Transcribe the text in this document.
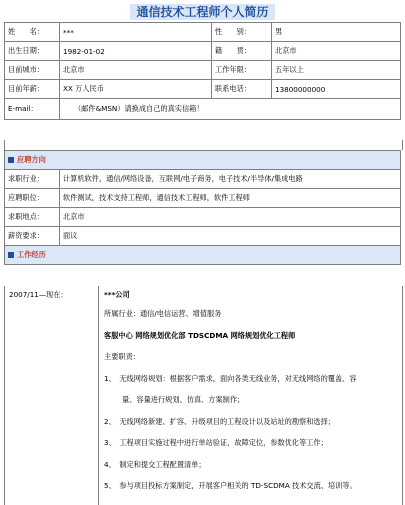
通信技术工程师个人简历
姓　　名：	***	性　　别：	男
出生日期：	1982-01-02	籍　　贯：	北京市
目前城市：	北京市	工作年限：	五年以上
目前年薪：	XX 万人民币	联系电话：	13800000000
E-mail：	（邮件&MSN）请换成自己的真实信箱！		
应聘方向	
求职行业：	计算机软件，通信/网络设备，互联网/电子商务，电子技术/半导体/集成电路
应聘职位：	软件测试，技术支持工程师，通信技术工程师，软件工程师
求职地点：	北京市
薪资要求：	面议
工作经历	
2007/11—现在：	***公司
所属行业：通信/电信运营、增值服务
客服中心 网络规划优化部 TDSCDMA 网络规划优化工程师
主要职责：
1、　无线网络规划：根据客户需求，面向各类无线业务，对无线网络的覆盖、容
量、容量进行规划、仿真、方案制作；
2、　无线网络新建、扩容、升级项目的工程设计以及站址的勘察和选择；
3、　工程项目实施过程中进行单站验证，故障定位，参数优化等工作；
4、　制定和提交工程配置清单；
5、　参与项目投标方案制定，开展客户相关的 TD-SCDMA 技术交流、培训等。
